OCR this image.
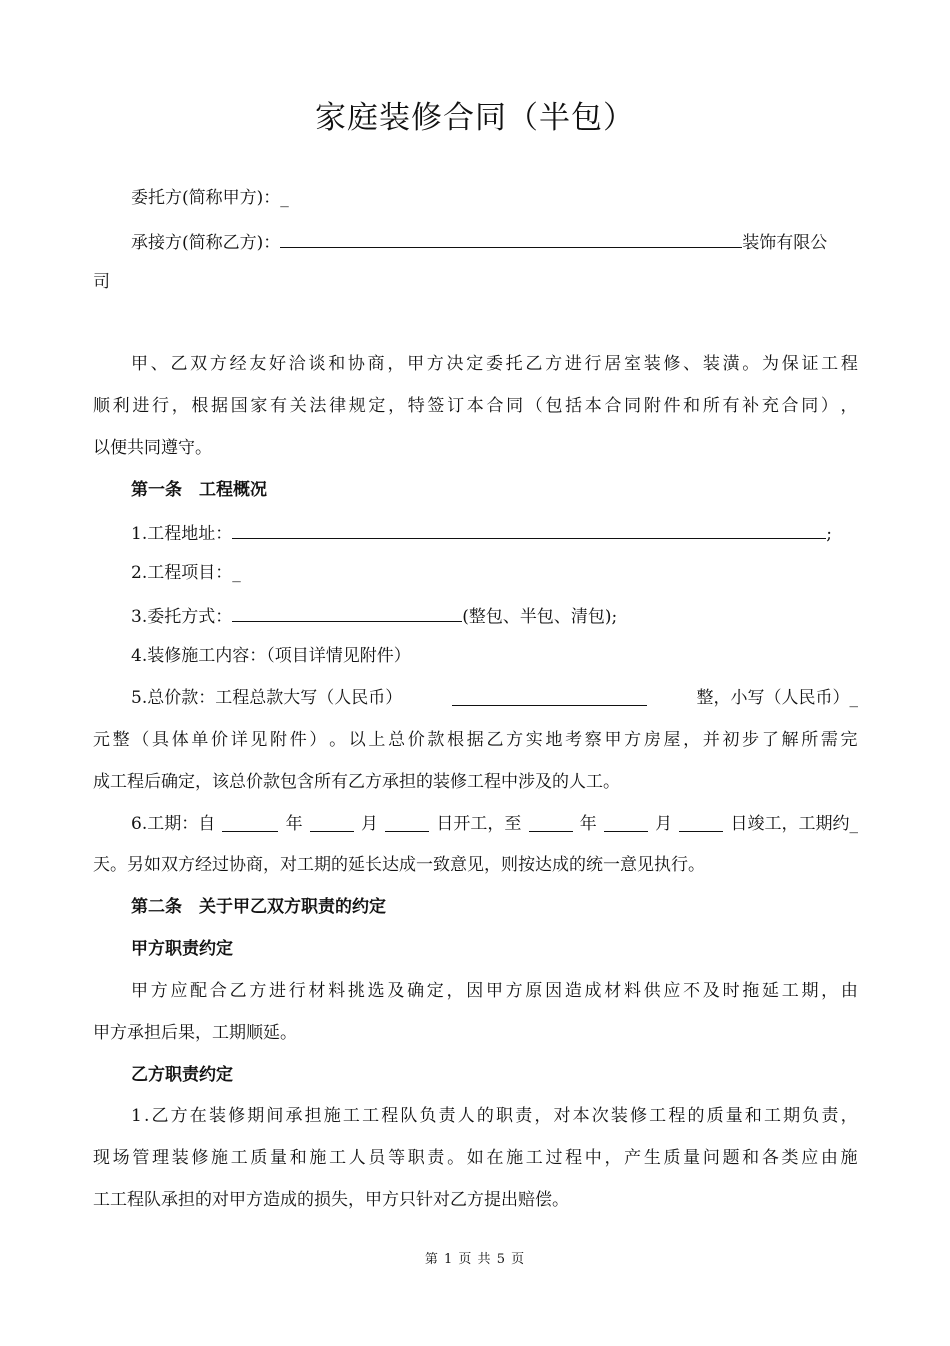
家庭装修合同（半包）
委托方(简称甲方)：_
承接方(简称乙方)：	装饰有限公
司
甲 、 乙 双 方 经 友 好 洽 谈 和 协 商 ， 甲 方 决 定 委 托 乙 方 进 行 居 室 装 修 、 装 潢 。 为 保 证 工 程
顺 利 进 行 ， 根 据 国 家 有 关 法 律 规 定 ， 特 签 订 本 合 同 （ 包 括 本 合 同 附 件 和 所 有 补 充 合 同 ） ，
以便共同遵守。
第一条　工程概况
1.工程地址：	;
2.工程项目：_
3.委托方式：	(整包、半包、清包);
4.装修施工内容：（项目详情见附件）
5.总价款：工程总款大写（人民币）	整，小写（人民币）_
元 整 （ 具 体 单 价 详 见 附 件 ） 。 以 上 总 价 款 根 据 乙 方 实 地 考 察 甲 方 房 屋 ， 并 初 步 了 解 所 需 完
成工程后确定，该总价款包含所有乙方承担的装修工程中涉及的人工。
6.工期：自	年	月	日开工，至	年	月	日竣工，工期约_
天。另如双方经过协商，对工期的延长达成一致意见，则按达成的统一意见执行。
第二条　关于甲乙双方职责的约定
甲方职责约定
甲 方 应 配 合 乙 方 进 行 材 料 挑 选 及 确 定 ， 因 甲 方 原 因 造 成 材 料 供 应 不 及 时 拖 延 工 期 ， 由
甲方承担后果，工期顺延。
乙方职责约定
1 . 乙 方 在 装 修 期 间 承 担 施 工 工 程 队 负 责 人 的 职 责 ， 对 本 次 装 修 工 程 的 质 量 和 工 期 负 责 ，
现 场 管 理 装 修 施 工 质 量 和 施 工 人 员 等 职 责 。 如 在 施 工 过 程 中 ， 产 生 质 量 问 题 和 各 类 应 由 施
工工程队承担的对甲方造成的损失，甲方只针对乙方提出赔偿。
第 1 页 共 5 页
